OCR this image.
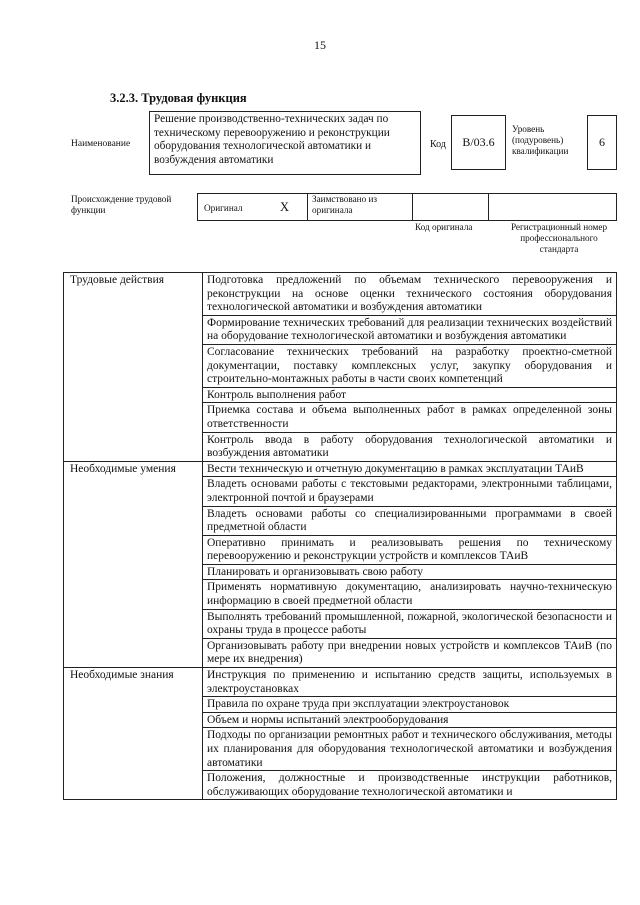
15
3.2.3. Трудовая функция
Наименование
Решение производственно-технических задач по техническому перевооружению и реконструкции оборудования технологической автоматики и возбуждения автоматики
Код	B/03.6
Уровень (подуровень) квалификации
6
Происхождение трудовой функции	Оригинал	X
Заимствовано из оригинала
Код оригинала	Регистрационный номер профессионального стандарта
Трудовые действия	Подготовка предложений по объемам технического перевооружения и реконструкции на основе оценки технического состояния оборудования технологической автоматики и возбуждения автоматики
	Формирование технических требований для реализации технических воздействий на оборудование технологической автоматики и возбуждения автоматики
	Согласование технических требований на разработку проектно-сметной документации, поставку комплексных услуг, закупку оборудования и строительно-монтажных работы в части своих компетенций
	Контроль выполнения работ
	Приемка состава и объема выполненных работ в рамках определенной зоны ответственности
	Контроль ввода в работу оборудования технологической автоматики и возбуждения автоматики
Необходимые умения	Вести техническую и отчетную документацию в рамках эксплуатации ТАиВ
	Владеть основами работы с текстовыми редакторами, электронными таблицами, электронной почтой и браузерами
	Владеть основами работы со специализированными программами в своей предметной области
	Оперативно принимать и реализовывать решения по техническому перевооружению и реконструкции устройств и комплексов ТАиВ
	Планировать и организовывать свою работу
	Применять нормативную документацию, анализировать научно-техническую информацию в своей предметной области
	Выполнять требований промышленной, пожарной, экологической безопасности и охраны труда в процессе работы
	Организовывать работу при внедрении новых устройств и комплексов ТАиВ (по мере их внедрения)
Необходимые знания	Инструкция по применению и испытанию средств защиты, используемых в электроустановках
	Правила по охране труда при эксплуатации электроустановок
	Объем и нормы испытаний электрооборудования
	Подходы по организации ремонтных работ и технического обслуживания, методы их планирования для оборудования технологической автоматики и возбуждения автоматики
	Положения, должностные и производственные инструкции работников, обслуживающих оборудование технологической автоматики и
